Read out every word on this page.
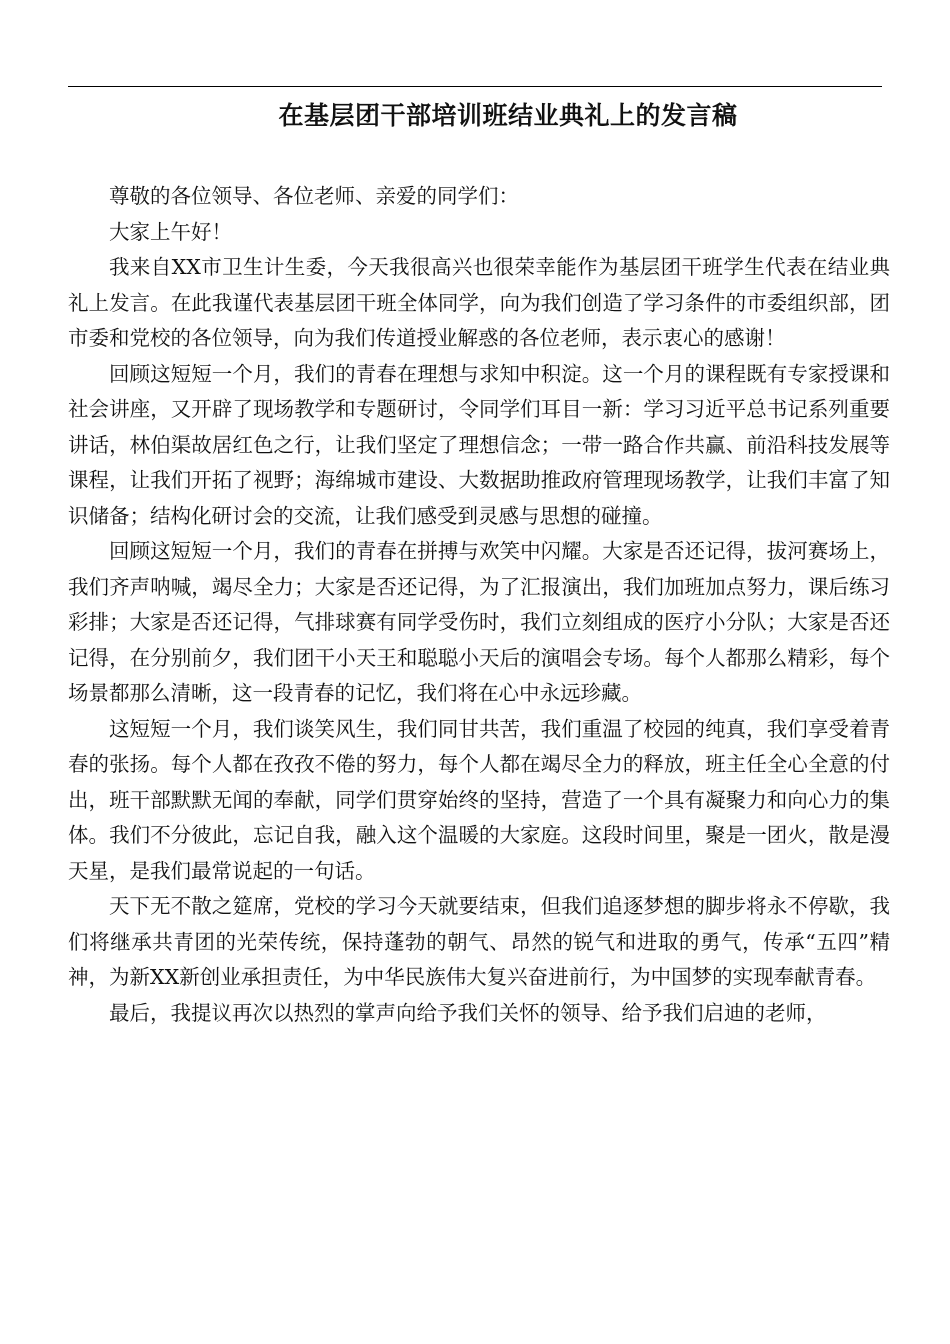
在基层团干部培训班结业典礼上的发言稿

尊敬的各位领导、各位老师、亲爱的同学们：

大家上午好！

我来自XX市卫生计生委，今天我很高兴也很荣幸能作为基层团干班学生代表在结业典礼上发言。在此我谨代表基层团干班全体同学，向为我们创造了学习条件的市委组织部，团市委和党校的各位领导，向为我们传道授业解惑的各位老师，表示衷心的感谢！

回顾这短短一个月，我们的青春在理想与求知中积淀。这一个月的课程既有专家授课和社会讲座，又开辟了现场教学和专题研讨，令同学们耳目一新：学习习近平总书记系列重要讲话，林伯渠故居红色之行，让我们坚定了理想信念；一带一路合作共赢、前沿科技发展等课程，让我们开拓了视野；海绵城市建设、大数据助推政府管理现场教学，让我们丰富了知识储备；结构化研讨会的交流，让我们感受到灵感与思想的碰撞。

回顾这短短一个月，我们的青春在拼搏与欢笑中闪耀。大家是否还记得，拔河赛场上，我们齐声呐喊，竭尽全力；大家是否还记得，为了汇报演出，我们加班加点努力，课后练习彩排；大家是否还记得，气排球赛有同学受伤时，我们立刻组成的医疗小分队；大家是否还记得，在分别前夕，我们团干小天王和聪聪小天后的演唱会专场。每个人都那么精彩，每个场景都那么清晰，这一段青春的记忆，我们将在心中永远珍藏。

这短短一个月，我们谈笑风生，我们同甘共苦，我们重温了校园的纯真，我们享受着青春的张扬。每个人都在孜孜不倦的努力，每个人都在竭尽全力的释放，班主任全心全意的付出，班干部默默无闻的奉献，同学们贯穿始终的坚持，营造了一个具有凝聚力和向心力的集体。我们不分彼此，忘记自我，融入这个温暖的大家庭。这段时间里，聚是一团火，散是漫天星，是我们最常说起的一句话。

天下无不散之筵席，党校的学习今天就要结束，但我们追逐梦想的脚步将永不停歇，我们将继承共青团的光荣传统，保持蓬勃的朝气、昂然的锐气和进取的勇气，传承“五四”精神，为新XX新创业承担责任，为中华民族伟大复兴奋进前行，为中国梦的实现奉献青春。

最后，我提议再次以热烈的掌声向给予我们关怀的领导、给予我们启迪的老师，
